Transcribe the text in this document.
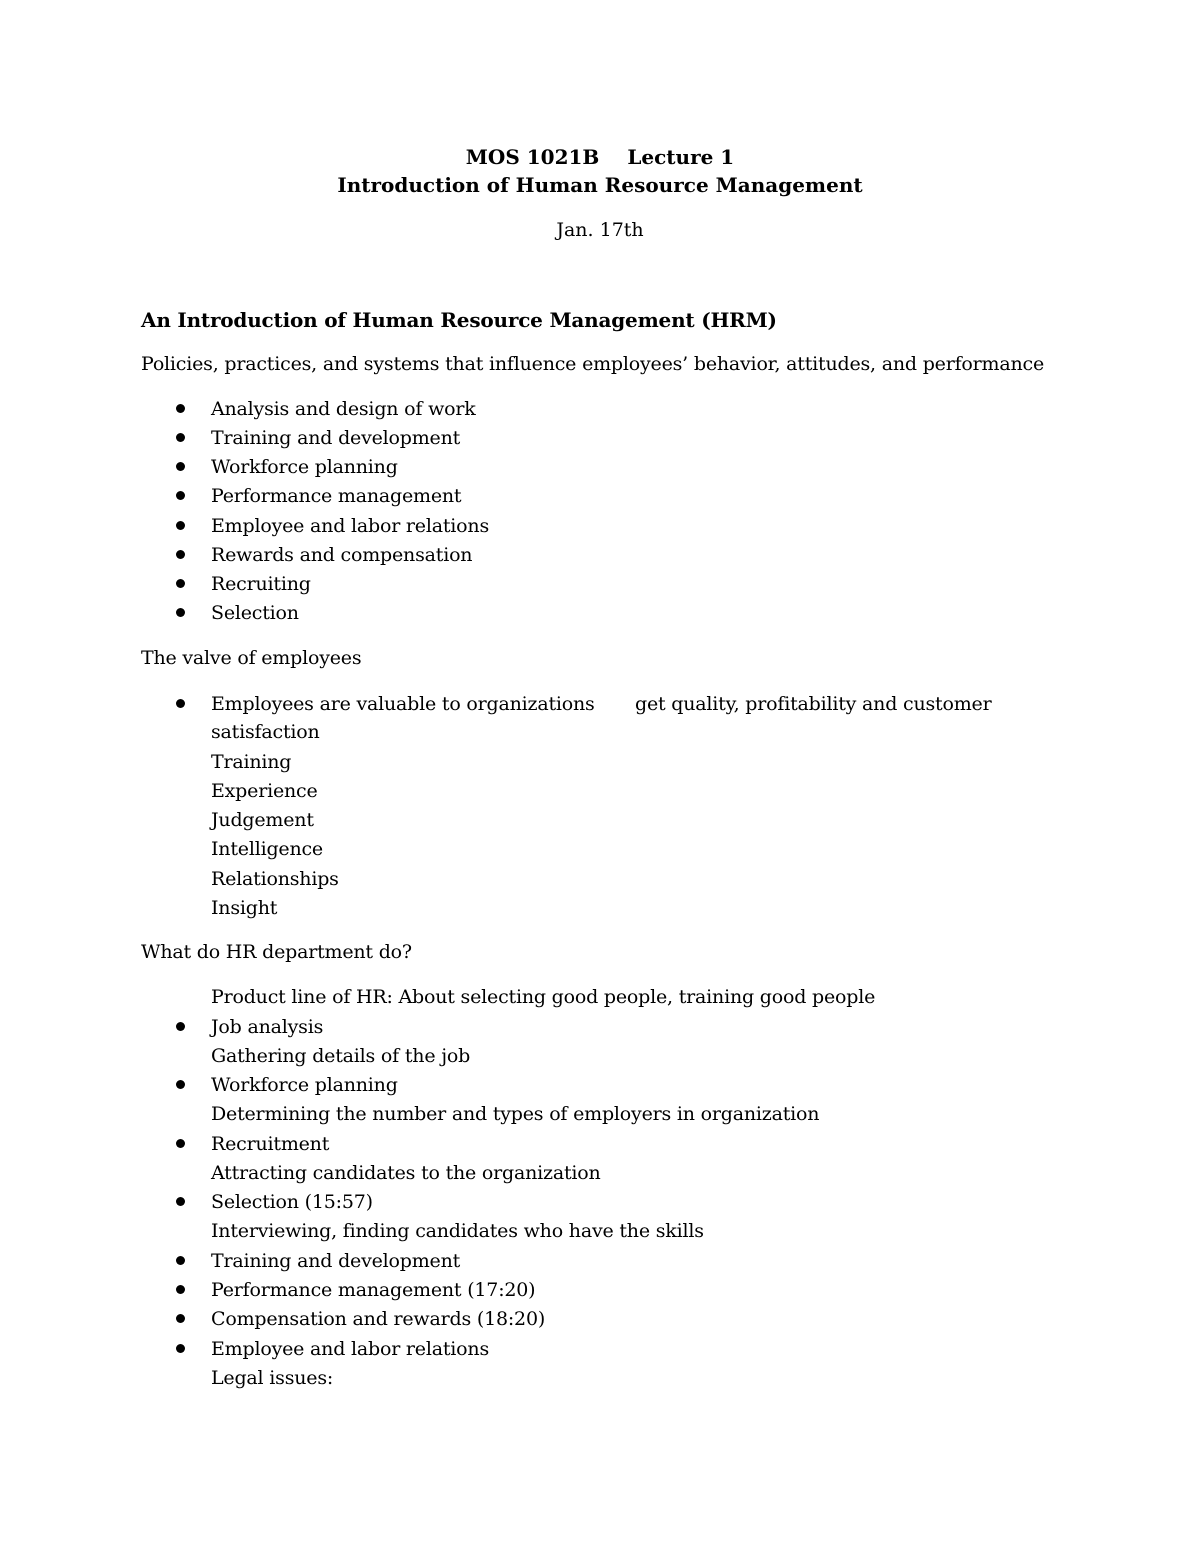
MOS 1021B Lecture 1
Introduction of Human Resource Management
Jan. 17th
An Introduction of Human Resource Management (HRM)
Policies, practices, and systems that influence employees’ behavior, attitudes, and performance
Analysis and design of work
Training and development
Workforce planning
Performance management
Employee and labor relations
Rewards and compensation
Recruiting
Selection
The valve of employees
Employees are valuable to organizations get quality, profitability and customer
satisfaction
Training
Experience
Judgement
Intelligence
Relationships
Insight
What do HR department do?
Product line of HR: About selecting good people, training good people
Job analysis
Gathering details of the job
Workforce planning
Determining the number and types of employers in organization
Recruitment
Attracting candidates to the organization
Selection (15:57)
Interviewing, finding candidates who have the skills
Training and development
Performance management (17:20)
Compensation and rewards (18:20)
Employee and labor relations
Legal issues:
